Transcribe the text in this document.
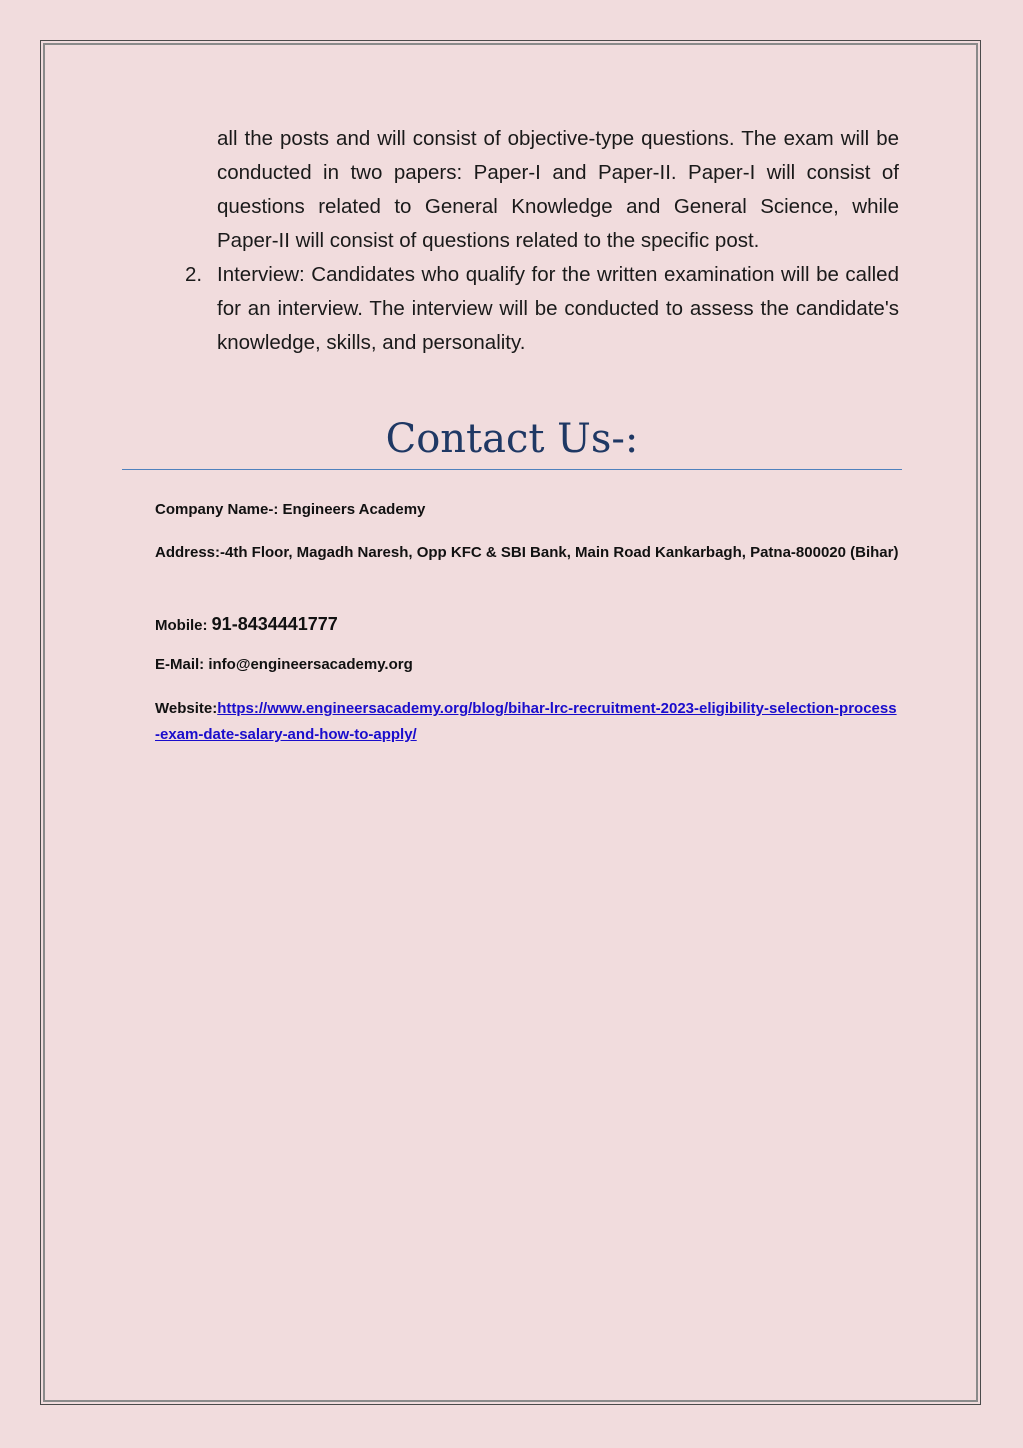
all the posts and will consist of objective-type questions. The exam will be conducted in two papers: Paper-I and Paper-II. Paper-I will consist of questions related to General Knowledge and General Science, while Paper-II will consist of questions related to the specific post.

2. Interview: Candidates who qualify for the written examination will be called for an interview. The interview will be conducted to assess the candidate's knowledge, skills, and personality.

Contact Us-:
Company Name-: Engineers Academy
Address:-4th Floor, Magadh Naresh, Opp KFC & SBI Bank, Main Road Kankarbagh, Patna-800020 (Bihar)
Mobile: 91-8434441777
E-Mail: info@engineersacademy.org
Website:https://www.engineersacademy.org/blog/bihar-lrc-recruitment-2023-eligibility-selection-process-exam-date-salary-and-how-to-apply/
